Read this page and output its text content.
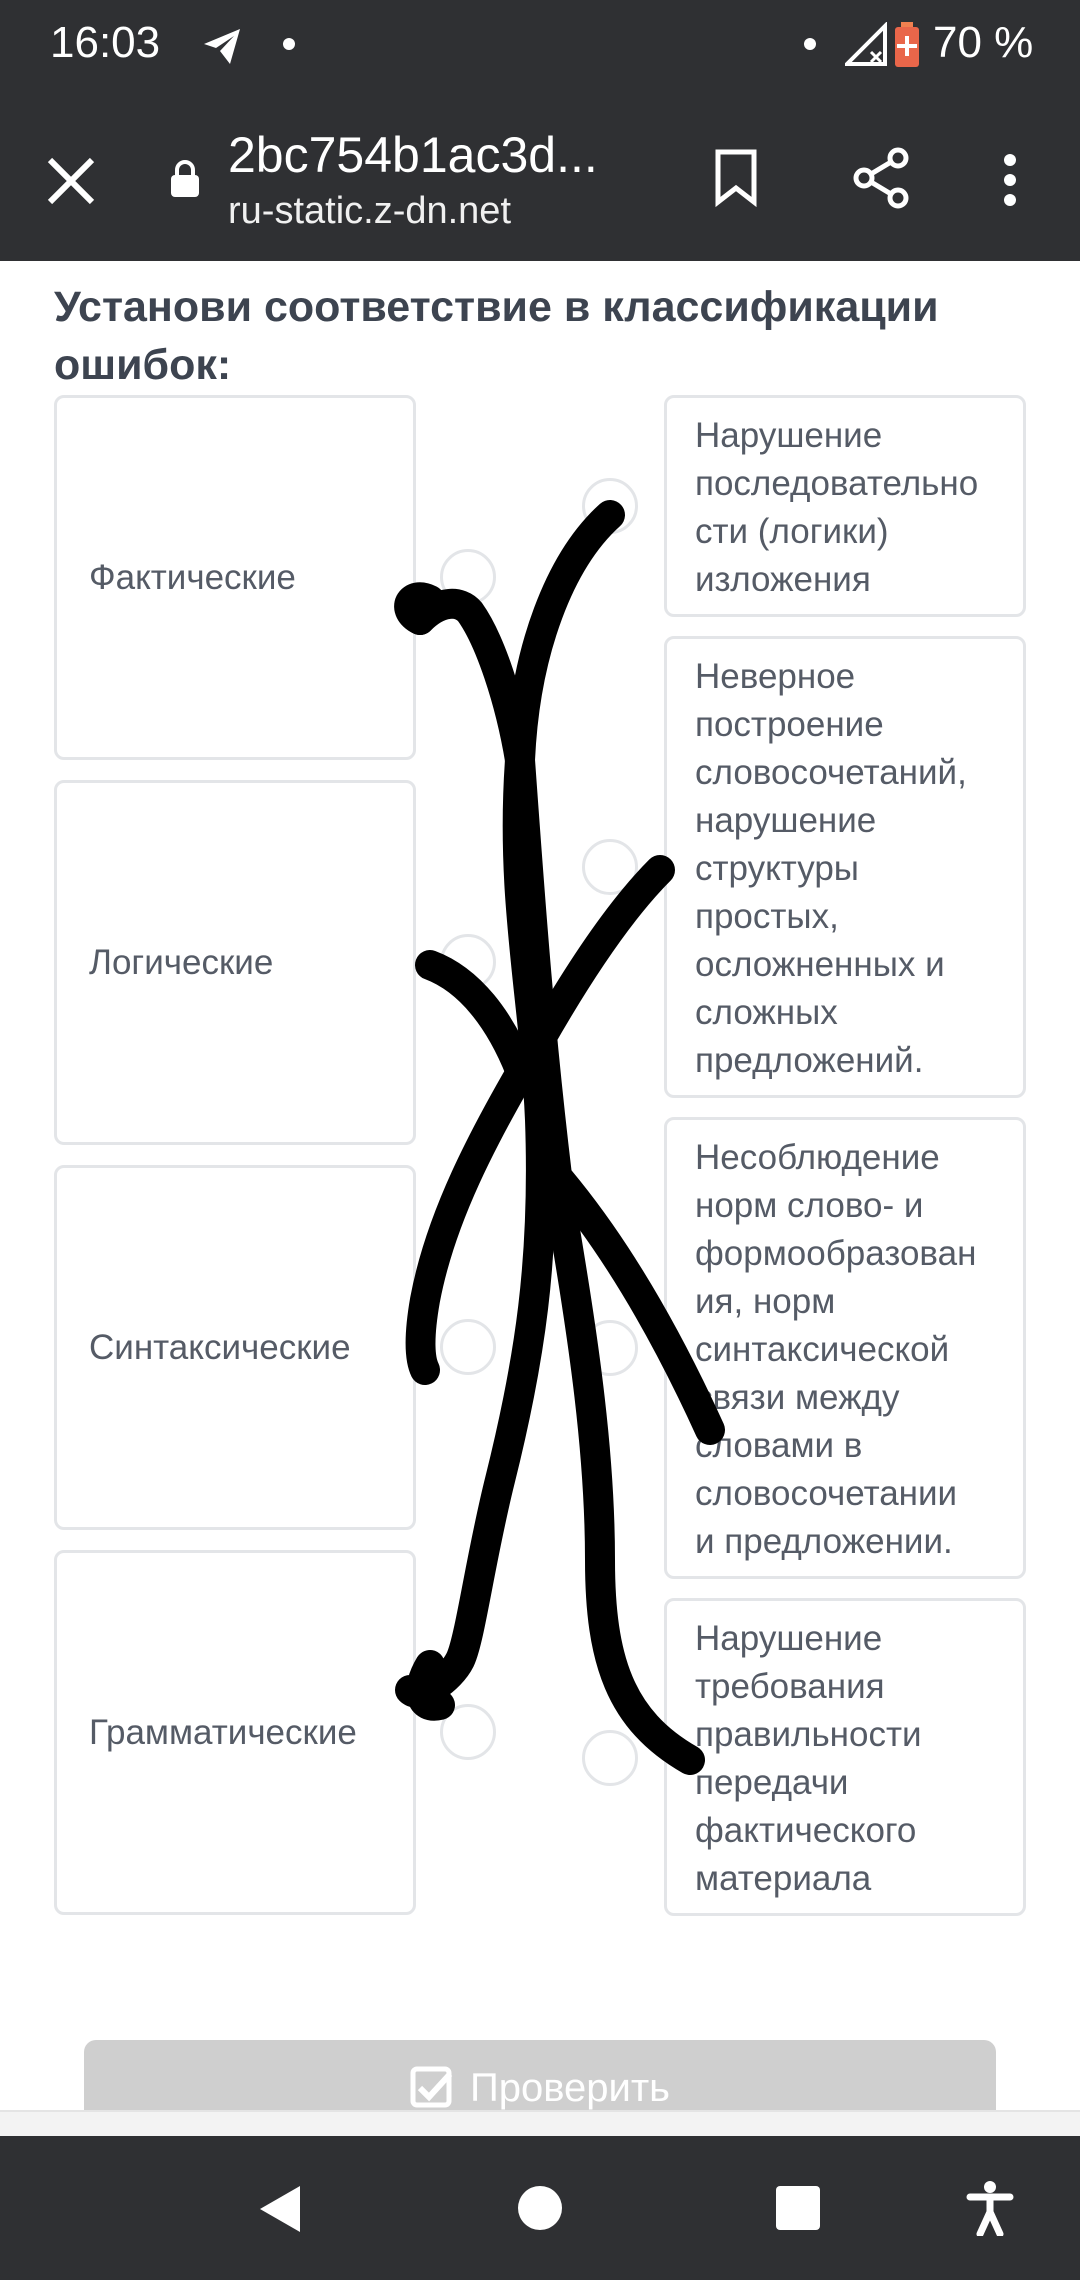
16:03	70 %
2bc754b1ac3d...
ru-static.z-dn.net
Установи соответствие в классификации ошибок:
Фактические
Логические
Синтаксические
Грамматические
Нарушение
последовательно
сти (логики)
изложения
Неверное
построение
словосочетаний,
нарушение
структуры
простых,
осложненных и
сложных
предложений.
Несоблюдение
норм слово- и
формообразован
ия, норм
синтаксической
связи между
словами в
словосочетании
и предложении.
Нарушение
требования
правильности
передачи
фактического
материала
Проверить
